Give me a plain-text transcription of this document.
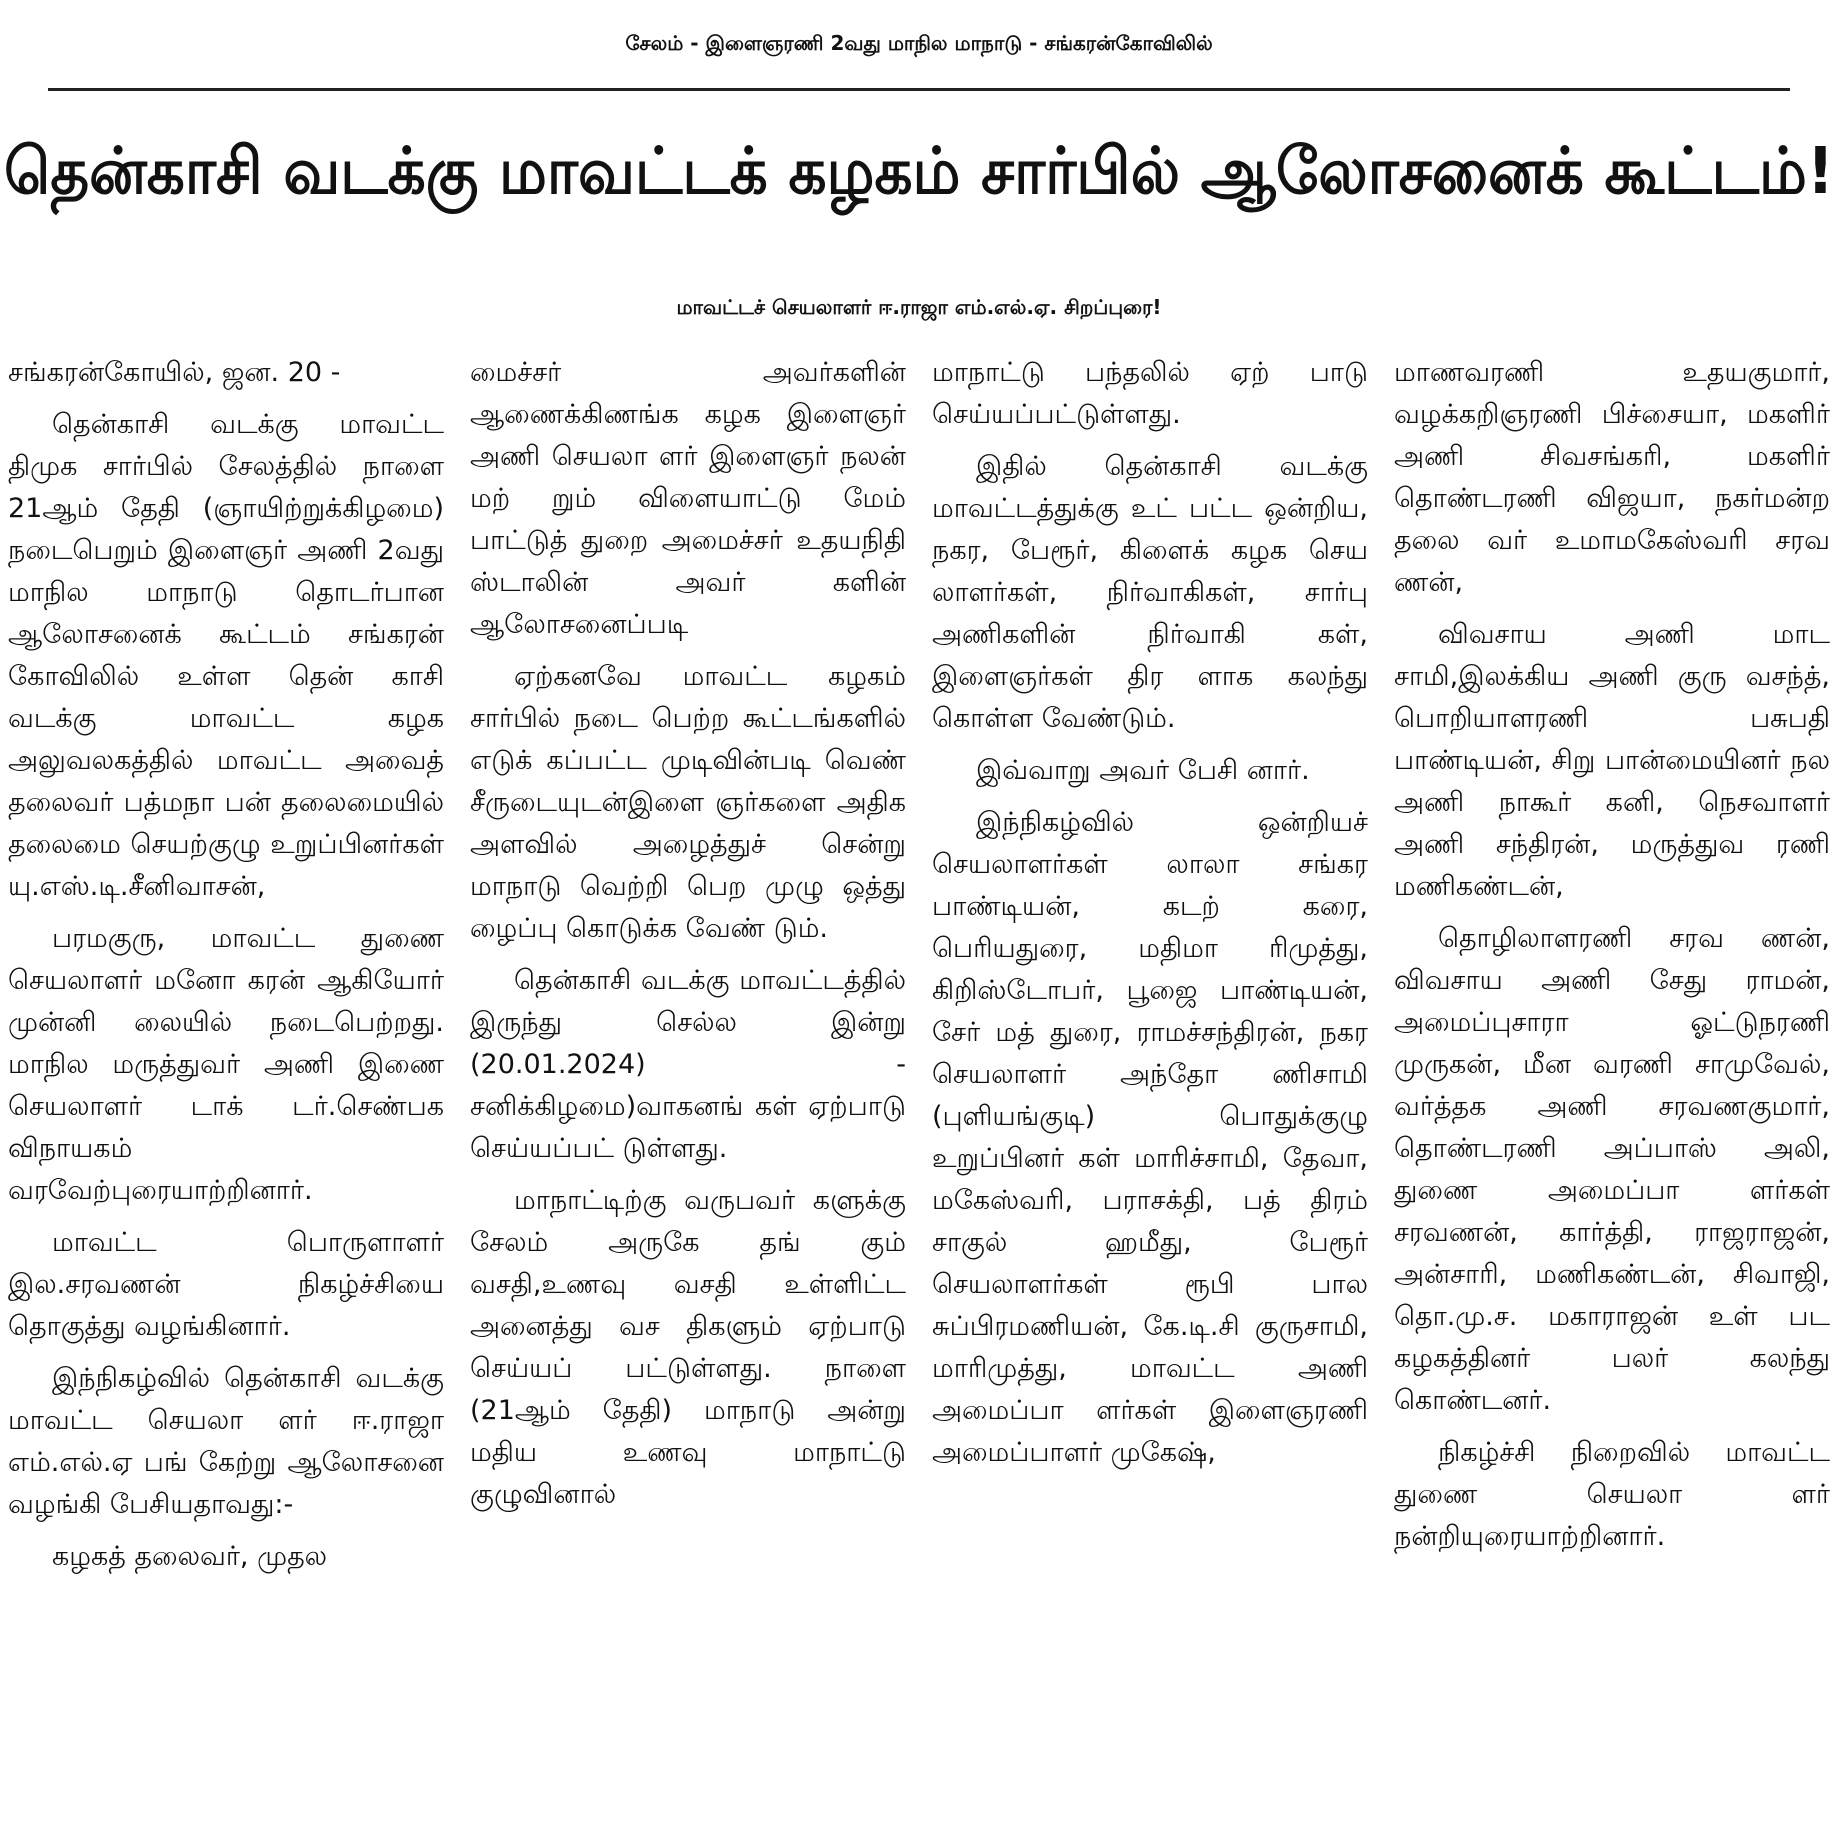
சேலம் - இளைஞரணி 2வது மாநில மாநாடு - சங்கரன்கோவிலில்
தென்காசி வடக்கு மாவட்டக் கழகம் சார்பில் ஆலோசனைக் கூட்டம்!
மாவட்டச் செயலாளர் ஈ.ராஜா எம்.எல்.ஏ. சிறப்புரை!

சங்கரன்கோயில், ஜன. 20 -

தென்காசி வடக்கு மாவட்ட திமுக சார்பில் சேலத்தில் நாளை 21ஆம் தேதி (ஞாயிற்றுக்கிழமை) நடைபெறும் இளைஞர் அணி 2வது மாநில மாநாடு தொடர்பான ஆலோசனைக் கூட்டம் சங்கரன் கோவிலில் உள்ள தென் காசி வடக்கு மாவட்ட கழக அலுவலகத்தில் மாவட்ட அவைத் தலைவர் பத்மநா பன் தலைமையில் தலைமை செயற்குழு உறுப்பினர்கள் யு.எஸ்.டி.சீனிவாசன்,

பரமகுரு, மாவட்ட துணை செயலாளர் மனோ கரன் ஆகியோர் முன்னி லையில் நடைபெற்றது. மாநில மருத்துவர் அணி இணை செயலாளர் டாக் டர்.செண்பக விநாயகம் வரவேற்புரையாற்றினார்.

மாவட்ட பொருளாளர் இல.சரவணன் நிகழ்ச்சியை தொகுத்து வழங்கினார்.

இந்நிகழ்வில் தென்காசி வடக்கு மாவட்ட செயலா ளர் ஈ.ராஜா எம்.எல்.ஏ பங் கேற்று ஆலோசனை வழங்கி பேசியதாவது:-

கழகத் தலைவர், முதல

மைச்சர் அவர்களின் ஆணைக்கிணங்க கழக இளைஞர் அணி செயலா ளர் இளைஞர் நலன் மற் றும் விளையாட்டு மேம் பாட்டுத் துறை அமைச்சர் உதயநிதி ஸ்டாலின் அவர் களின் ஆலோசனைப்படி

ஏற்கனவே மாவட்ட கழகம் சார்பில் நடை பெற்ற கூட்டங்களில் எடுக் கப்பட்ட முடிவின்படி வெண் சீருடையுடன்இளை ஞர்களை அதிக அளவில் அழைத்துச் சென்று மாநாடு வெற்றி பெற முழு ஒத்து ழைப்பு கொடுக்க வேண் டும்.

தென்காசி வடக்கு மாவட்டத்தில் இருந்து செல்ல இன்று (20.01.2024) - சனிக்கிழமை)வாகனங் கள் ஏற்பாடு செய்யப்பட் டுள்ளது.

மாநாட்டிற்கு வருபவர் களுக்கு சேலம் அருகே தங் கும் வசதி,உணவு வசதி உள்ளிட்ட அனைத்து வச திகளும் ஏற்பாடு செய்யப் பட்டுள்ளது. நாளை (21ஆம் தேதி) மாநாடு அன்று மதிய உணவு மாநாட்டு குழுவினால்

மாநாட்டு பந்தலில் ஏற் பாடு செய்யப்பட்டுள்ளது.

இதில் தென்காசி வடக்கு மாவட்டத்துக்கு உட் பட்ட ஒன்றிய, நகர, பேரூர், கிளைக் கழக செய லாளர்கள், நிர்வாகிகள், சார்பு அணிகளின் நிர்வாகி கள், இளைஞர்கள் திர ளாக கலந்து கொள்ள வேண்டும்.

இவ்வாறு அவர் பேசி னார்.

இந்நிகழ்வில் ஒன்றியச் செயலாளர்கள் லாலா சங்கர பாண்டியன், கடற் கரை, பெரியதுரை, மதிமா ரிமுத்து, கிறிஸ்டோபர், பூஜை பாண்டியன், சேர் மத் துரை, ராமச்சந்திரன், நகர செயலாளர் அந்தோ ணிசாமி (புளியங்குடி) பொதுக்குழு உறுப்பினர் கள் மாரிச்சாமி, தேவா, மகேஸ்வரி, பராசக்தி, பத் திரம் சாகுல் ஹமீது, பேரூர் செயலாளர்கள் ரூபி பால சுப்பிரமணியன், கே.டி.சி குருசாமி, மாரிமுத்து, மாவட்ட அணி அமைப்பா ளர்கள் இளைஞரணி அமைப்பாளர் முகேஷ்,

மாணவரணி உதயகுமார், வழக்கறிஞரணி பிச்சையா, மகளிர் அணி சிவசங்கரி, மகளிர் தொண்டரணி விஜயா, நகர்மன்ற தலை வர் உமாமகேஸ்வரி சரவ ணன்,

விவசாய அணி மாட சாமி,இலக்கிய அணி குரு வசந்த், பொறியாளரணி பசுபதி பாண்டியன், சிறு பான்மையினர் நல அணி நாகூர் கனி, நெசவாளர் அணி சந்திரன், மருத்துவ ரணி மணிகண்டன்,

தொழிலாளரணி சரவ ணன், விவசாய அணி சேது ராமன், அமைப்புசாரா ஓட்டுநரணி முருகன், மீன வரணி சாமுவேல், வர்த்தக அணி சரவணகுமார், தொண்டரணி அப்பாஸ் அலி, துணை அமைப்பா ளர்கள் சரவணன், கார்த்தி, ராஜராஜன், அன்சாரி, மணிகண்டன், சிவாஜி, தொ.மு.ச. மகாராஜன் உள் பட கழகத்தினர் பலர் கலந்து கொண்டனர்.

நிகழ்ச்சி நிறைவில் மாவட்ட துணை செயலா ளர் நன்றியுரையாற்றினார்.
